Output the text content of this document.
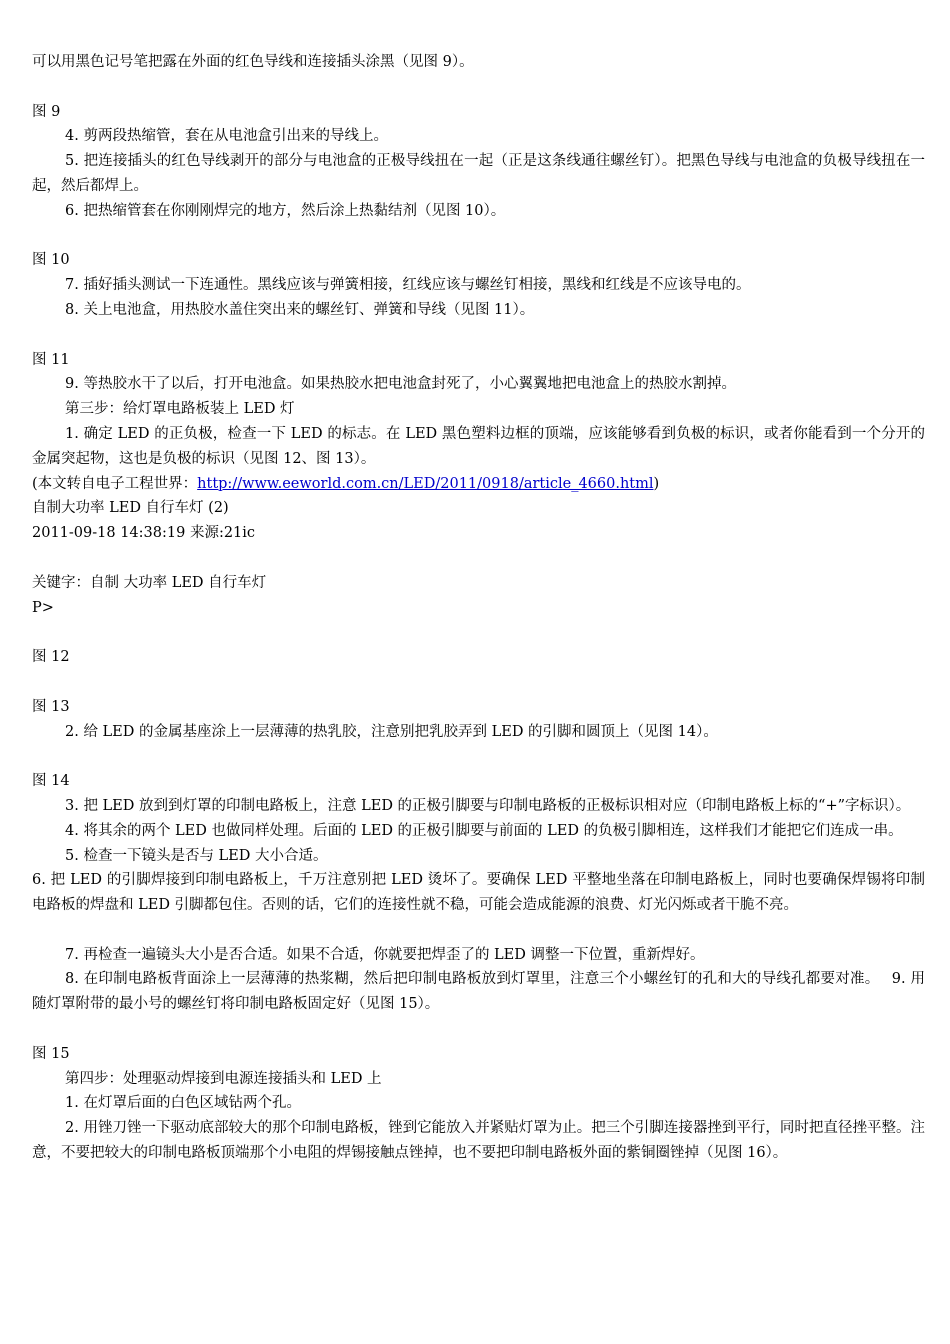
可以用黑色记号笔把露在外面的红色导线和连接插头涂黑（见图 9）。
图 9
4. 剪两段热缩管，套在从电池盒引出来的导线上。
5. 把连接插头的红色导线剥开的部分与电池盒的正极导线扭在一起（正是这条线通往螺丝钉）。把黑色导线与电池盒的负极导线扭在一起，然后都焊上。
6. 把热缩管套在你刚刚焊完的地方，然后涂上热黏结剂（见图 10）。
图 10
7. 插好插头测试一下连通性。黑线应该与弹簧相接，红线应该与螺丝钉相接，黑线和红线是不应该导电的。
8. 关上电池盒，用热胶水盖住突出来的螺丝钉、弹簧和导线（见图 11）。
图 11
9. 等热胶水干了以后，打开电池盒。如果热胶水把电池盒封死了，小心翼翼地把电池盒上的热胶水割掉。
第三步：给灯罩电路板装上 LED 灯
1. 确定 LED 的正负极，检查一下 LED 的标志。在 LED 黑色塑料边框的顶端，应该能够看到负极的标识，或者你能看到一个分开的金属突起物，这也是负极的标识（见图 12、图 13）。
(本文转自电子工程世界：http://www.eeworld.com.cn/LED/2011/0918/article_4660.html)
自制大功率 LED 自行车灯 (2)
2011-09-18 14:38:19 来源:21ic
关键字：自制 大功率 LED 自行车灯
P>
图 12
图 13
2. 给 LED 的金属基座涂上一层薄薄的热乳胶，注意别把乳胶弄到 LED 的引脚和圆顶上（见图 14）。
图 14
3. 把 LED 放到到灯罩的印制电路板上，注意 LED 的正极引脚要与印制电路板的正极标识相对应（印制电路板上标的“+”字标识）。
4. 将其余的两个 LED 也做同样处理。后面的 LED 的正极引脚要与前面的 LED 的负极引脚相连，这样我们才能把它们连成一串。
5. 检查一下镜头是否与 LED 大小合适。
6. 把 LED 的引脚焊接到印制电路板上，千万注意别把 LED 烫坏了。要确保 LED 平整地坐落在印制电路板上，同时也要确保焊锡将印制电路板的焊盘和 LED 引脚都包住。否则的话，它们的连接性就不稳，可能会造成能源的浪费、灯光闪烁或者干脆不亮。
7. 再检查一遍镜头大小是否合适。如果不合适，你就要把焊歪了的 LED 调整一下位置，重新焊好。
8. 在印制电路板背面涂上一层薄薄的热浆糊，然后把印制电路板放到灯罩里，注意三个小螺丝钉的孔和大的导线孔都要对准。　 9. 用随灯罩附带的最小号的螺丝钉将印制电路板固定好（见图 15）。
图 15
第四步：处理驱动焊接到电源连接插头和 LED 上
1. 在灯罩后面的白色区域钻两个孔。
2. 用锉刀锉一下驱动底部较大的那个印制电路板，锉到它能放入并紧贴灯罩为止。把三个引脚连接器挫到平行，同时把直径挫平整。注意，不要把较大的印制电路板顶端那个小电阻的焊锡接触点锉掉，也不要把印制电路板外面的紫铜圈锉掉（见图 16）。
